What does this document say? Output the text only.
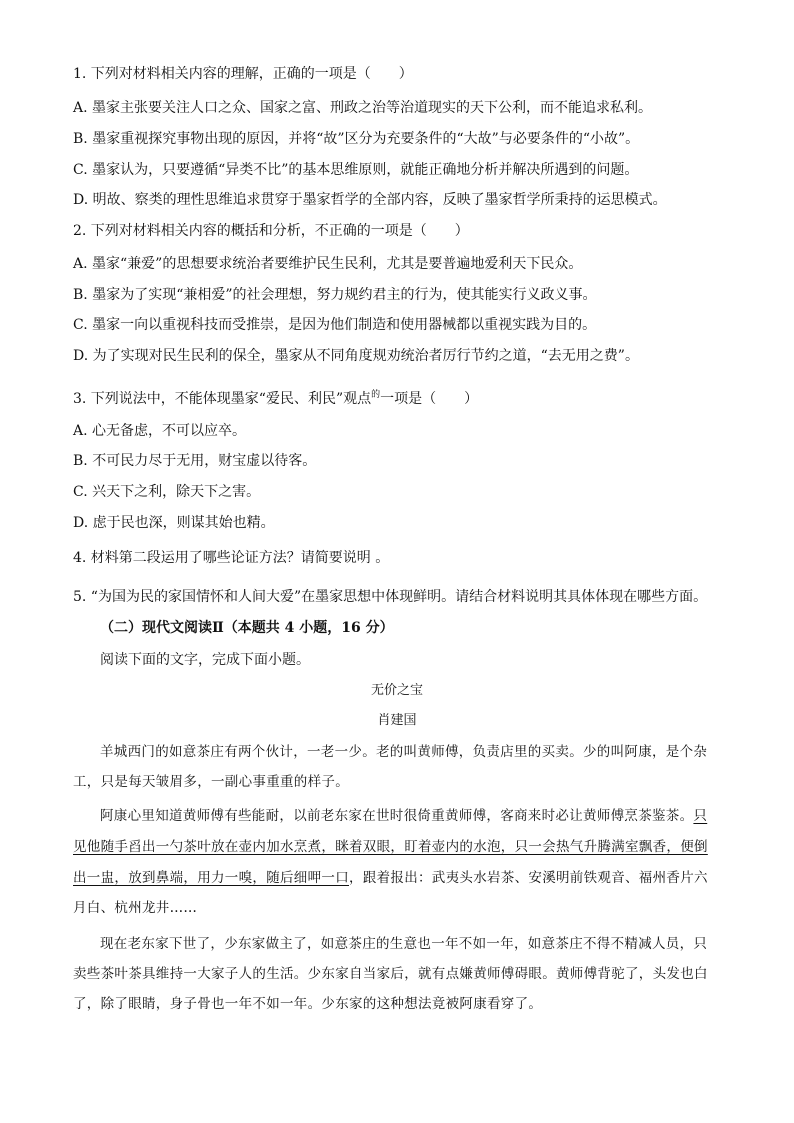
1. 下列对材料相关内容的理解，正确的一项是（　　）
A. 墨家主张要关注人口之众、国家之富、刑政之治等治道现实的天下公利，而不能追求私利。
B. 墨家重视探究事物出现的原因，并将“故”区分为充要条件的“大故”与必要条件的“小故”。
C. 墨家认为，只要遵循“异类不比”的基本思维原则，就能正确地分析并解决所遇到的问题。
D. 明故、察类的理性思维追求贯穿于墨家哲学的全部内容，反映了墨家哲学所秉持的运思模式。
2. 下列对材料相关内容的概括和分析，不正确的一项是（　　）
A. 墨家“兼爱”的思想要求统治者要维护民生民利，尤其是要普遍地爱利天下民众。
B. 墨家为了实现“兼相爱”的社会理想，努力规约君主的行为，使其能实行义政义事。
C. 墨家一向以重视科技而受推崇，是因为他们制造和使用器械都以重视实践为目的。
D. 为了实现对民生民利的保全，墨家从不同角度规劝统治者厉行节约之道，“去无用之费”。
3. 下列说法中，不能体现墨家“爱民、利民”观点$^的$一项是（　　）
A. 心无备虑，不可以应卒。
B. 不可民力尽于无用，财宝虚以待客。
C. 兴天下之利，除天下之害。
D. 虑于民也深，则谋其始也精。
4. 材料第二段运用了哪些论证方法？请简要说明 。
5. “为国为民的家国情怀和人间大爱”在墨家思想中体现鲜明。请结合材料说明其具体体现在哪些方面。
（二）现代文阅读Ⅱ（本题共 4 小题，16 分）
阅读下面的文字，完成下面小题。
无价之宝
肖建国
羊城西门的如意茶庄有两个伙计，一老一少。老的叫黄师傅，负责店里的买卖。少的叫阿康，是个杂
工，只是每天皱眉多，一副心事重重的样子。
阿康心里知道黄师傅有些能耐，以前老东家在世时很倚重黄师傅，客商来时必让黄师傅烹茶鉴茶。只
见他随手舀出一勺茶叶放在壶内加水烹煮，眯着双眼，盯着壶内的水泡，只一会热气升腾满室飘香，便倒
出一盅，放到鼻端，用力一嗅，随后细呷一口，跟着报出：武夷头水岩茶、安溪明前铁观音、福州香片六
月白、杭州龙井……
现在老东家下世了，少东家做主了，如意茶庄的生意也一年不如一年，如意茶庄不得不精减人员，只
卖些茶叶茶具维持一大家子人的生活。少东家自当家后，就有点嫌黄师傅碍眼。黄师傅背驼了，头发也白
了，除了眼睛，身子骨也一年不如一年。少东家的这种想法竟被阿康看穿了。
